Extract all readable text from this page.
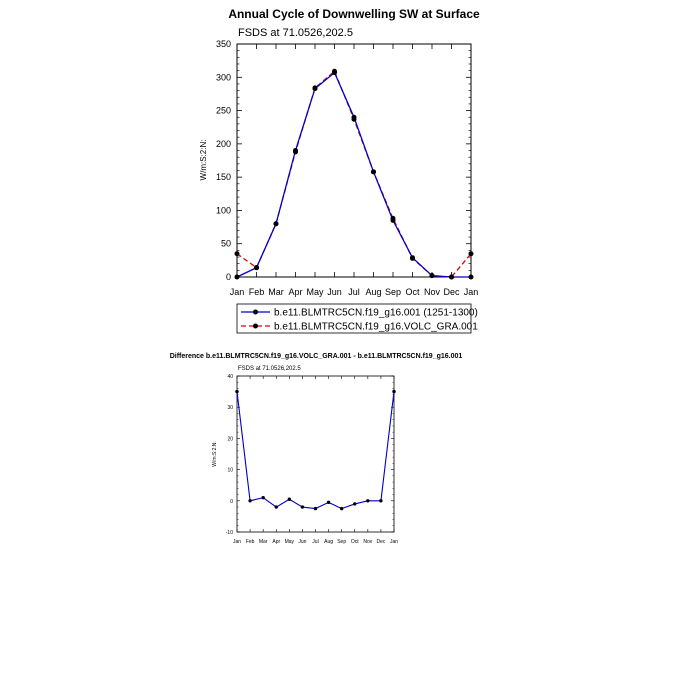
Annual Cycle of Downwelling SW at Surface
FSDS at 71.0526,202.5
W/m:S:2:N:
0
50
100
150
200
250
300
350
Jan Feb Mar Apr May Jun Jul Aug Sep Oct Nov Dec Jan
b.e11.BLMTRC5CN.f19_g16.001 (1251-1300)
b.e11.BLMTRC5CN.f19_g16.VOLC_GRA.001
Difference b.e11.BLMTRC5CN.f19_g16.VOLC_GRA.001 - b.e11.BLMTRC5CN.f19_g16.001
FSDS at 71.0526,202.5
W/m:S:2:N:
-10
0
10
20
30
40
Jan Feb Mar Apr May Jun Jul Aug Sep Oct Nov Dec Jan
